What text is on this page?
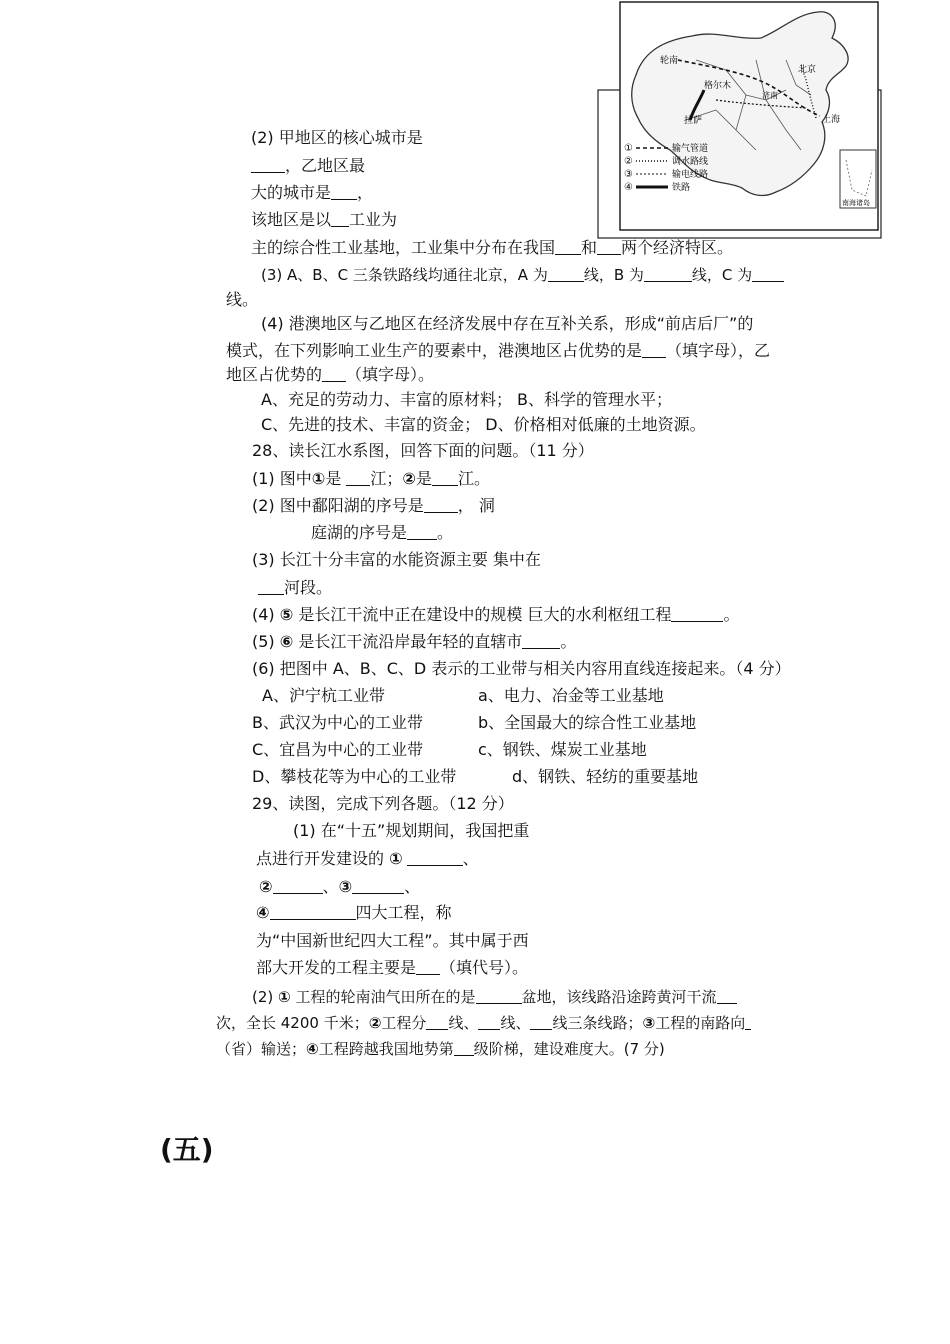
轮南
北京
格尔木
济南
上海
拉萨
南海诸岛
①	输气管道
②	调水路线
③	输电线路
④	铁路
(2) 甲地区的核心城市是
，乙地区最
大的城市是 ，
该地区是以 工业为
主的综合性工业基地，工业集中分布在我国 和 两个经济特区。
(3) A、B、C 三条铁路线均通往北京，A 为 线，B 为	线，C 为
线。
(4) 港澳地区与乙地区在经济发展中存在互补关系，形成“前店后厂”的
模式，在下列影响工业生产的要素中，港澳地区占优势的是 （填字母），乙
地区占优势的 （填字母）。
A、充足的劳动力、丰富的原材料； B、科学的管理水平；
C、先进的技术、丰富的资金； D、价格相对低廉的土地资源。
28、读长江水系图，回答下面的问题。（11 分）
(1) 图中①是 江；②是 江。
(2) 图中鄱阳湖的序号是 ， 洞
庭湖的序号是 。
(3) 长江十分丰富的水能资源主要 集中在
河段。
(4) ⑤ 是长江干流中正在建设中的规模 巨大的水利枢纽工程	。
(5) ⑥ 是长江干流沿岸最年轻的直辖市 。
(6) 把图中 A、B、C、D 表示的工业带与相关内容用直线连接起来。（4 分）
A、沪宁杭工业带	a、电力、冶金等工业基地
B、武汉为中心的工业带	b、全国最大的综合性工业基地
C、宜昌为中心的工业带	c、钢铁、煤炭工业基地
D、攀枝花等为中心的工业带	d、钢铁、轻纺的重要基地
29、读图，完成下列各题。（12 分）
(1) 在“十五”规划期间，我国把重
点进行开发建设的 ①	、
②	、③	、
④	四大工程，称
为“中国新世纪四大工程”。其中属于西
部大开发的工程主要是 （填代号）。
(2) ① 工程的轮南油气田所在的是	盆地，该线路沿途跨黄河干流
次，全长 4200 千米；②工程分 线、 线、 线三条线路；③工程的南路向
（省）输送；④工程跨越我国地势第 级阶梯，建设难度大。(7 分)
(五)
